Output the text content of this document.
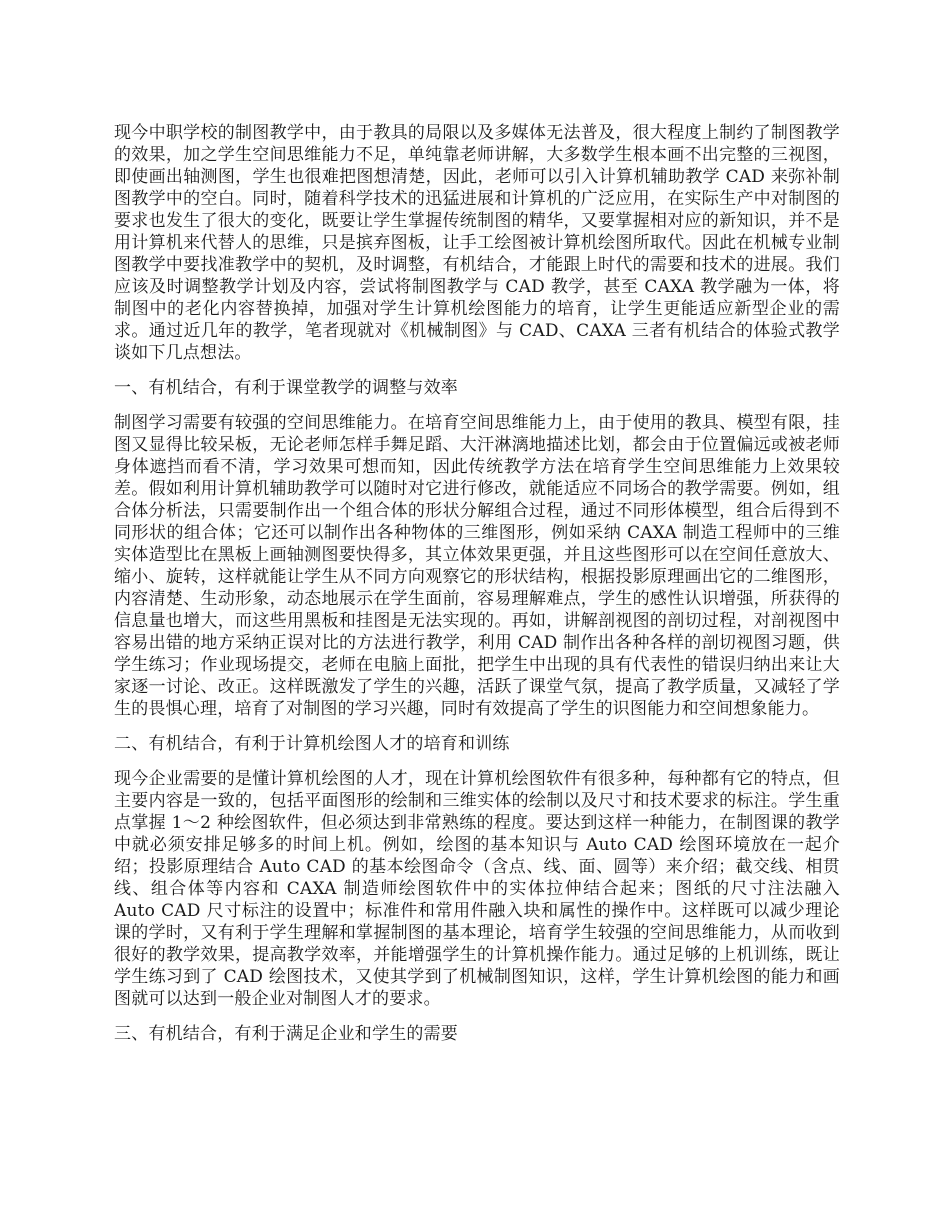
现今中职学校的制图教学中，由于教具的局限以及多媒体无法普及，很大程度上制约了制图教学的效果，加之学生空间思维能力不足，单纯靠老师讲解，大多数学生根本画不出完整的三视图，即使画出轴测图，学生也很难把图想清楚，因此，老师可以引入计算机辅助教学 CAD 来弥补制图教学中的空白。同时，随着科学技术的迅猛进展和计算机的广泛应用，在实际生产中对制图的要求也发生了很大的变化，既要让学生掌握传统制图的精华，又要掌握相对应的新知识，并不是用计算机来代替人的思维，只是摈弃图板，让手工绘图被计算机绘图所取代。因此在机械专业制图教学中要找准教学中的契机，及时调整，有机结合，才能跟上时代的需要和技术的进展。我们应该及时调整教学计划及内容，尝试将制图教学与 CAD 教学，甚至 CAXA 教学融为一体，将制图中的老化内容替换掉，加强对学生计算机绘图能力的培育，让学生更能适应新型企业的需求。通过近几年的教学，笔者现就对《机械制图》与 CAD、CAXA 三者有机结合的体验式教学谈如下几点想法。

一、有机结合，有利于课堂教学的调整与效率

制图学习需要有较强的空间思维能力。在培育空间思维能力上，由于使用的教具、模型有限，挂图又显得比较呆板，无论老师怎样手舞足蹈、大汗淋漓地描述比划，都会由于位置偏远或被老师身体遮挡而看不清，学习效果可想而知，因此传统教学方法在培育学生空间思维能力上效果较差。假如利用计算机辅助教学可以随时对它进行修改，就能适应不同场合的教学需要。例如，组合体分析法，只需要制作出一个组合体的形状分解组合过程，通过不同形体模型，组合后得到不同形状的组合体；它还可以制作出各种物体的三维图形，例如采纳 CAXA 制造工程师中的三维实体造型比在黑板上画轴测图要快得多，其立体效果更强，并且这些图形可以在空间任意放大、缩小、旋转，这样就能让学生从不同方向观察它的形状结构，根据投影原理画出它的二维图形，内容清楚、生动形象，动态地展示在学生面前，容易理解难点，学生的感性认识增强，所获得的信息量也增大，而这些用黑板和挂图是无法实现的。再如，讲解剖视图的剖切过程，对剖视图中容易出错的地方采纳正误对比的方法进行教学，利用 CAD 制作出各种各样的剖切视图习题，供学生练习；作业现场提交，老师在电脑上面批，把学生中出现的具有代表性的错误归纳出来让大家逐一讨论、改正。这样既激发了学生的兴趣，活跃了课堂气氛，提高了教学质量，又减轻了学生的畏惧心理，培育了对制图的学习兴趣，同时有效提高了学生的识图能力和空间想象能力。

二、有机结合，有利于计算机绘图人才的培育和训练

现今企业需要的是懂计算机绘图的人才，现在计算机绘图软件有很多种，每种都有它的特点，但主要内容是一致的，包括平面图形的绘制和三维实体的绘制以及尺寸和技术要求的标注。学生重点掌握 1～2 种绘图软件，但必须达到非常熟练的程度。要达到这样一种能力，在制图课的教学中就必须安排足够多的时间上机。例如，绘图的基本知识与 Auto CAD 绘图环境放在一起介绍；投影原理结合 Auto CAD 的基本绘图命令（含点、线、面、圆等）来介绍；截交线、相贯线、组合体等内容和 CAXA 制造师绘图软件中的实体拉伸结合起来；图纸的尺寸注法融入 Auto CAD 尺寸标注的设置中；标准件和常用件融入块和属性的操作中。这样既可以减少理论课的学时，又有利于学生理解和掌握制图的基本理论，培育学生较强的空间思维能力，从而收到很好的教学效果，提高教学效率，并能增强学生的计算机操作能力。通过足够的上机训练，既让学生练习到了 CAD 绘图技术，又使其学到了机械制图知识，这样，学生计算机绘图的能力和画图就可以达到一般企业对制图人才的要求。

三、有机结合，有利于满足企业和学生的需要
